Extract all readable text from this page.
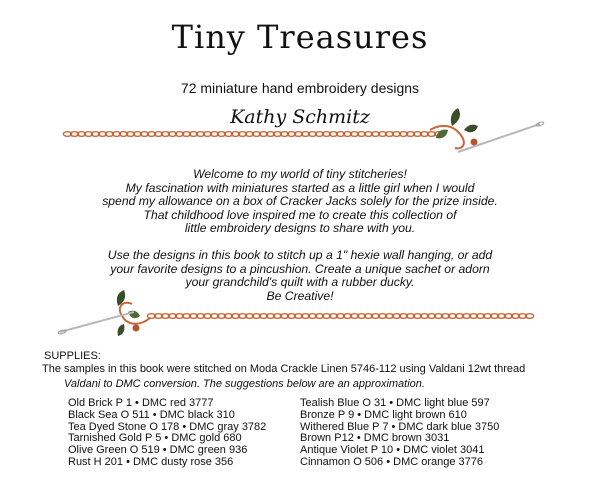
Tiny Treasures
72 miniature hand embroidery designs
Kathy Schmitz
Welcome to my world of tiny stitcheries!
My fascination with miniatures started as a little girl when I would
spend my allowance on a box of Cracker Jacks solely for the prize inside.
That childhood love inspired me to create this collection of
little embroidery designs to share with you.
Use the designs in this book to stitch up a 1" hexie wall hanging, or add
your favorite designs to a pincushion. Create a unique sachet or adorn
your grandchild's quilt with a rubber ducky.
Be Creative!
SUPPLIES:
The samples in this book were stitched on Moda Crackle Linen 5746-112 using Valdani 12wt thread
Valdani to DMC conversion. The suggestions below are an approximation.
Old Brick P 1 • DMC red 3777
Black Sea O 511 • DMC black 310
Tea Dyed Stone O 178 • DMC gray 3782
Tarnished Gold P 5 • DMC gold 680
Olive Green O 519 • DMC green 936
Rust H 201 • DMC dusty rose 356
Tealish Blue O 31 • DMC light blue 597
Bronze P 9 • DMC light brown 610
Withered Blue P 7 • DMC dark blue 3750
Brown P12 • DMC brown 3031
Antique Violet P 10 • DMC violet 3041
Cinnamon O 506 • DMC orange 3776
